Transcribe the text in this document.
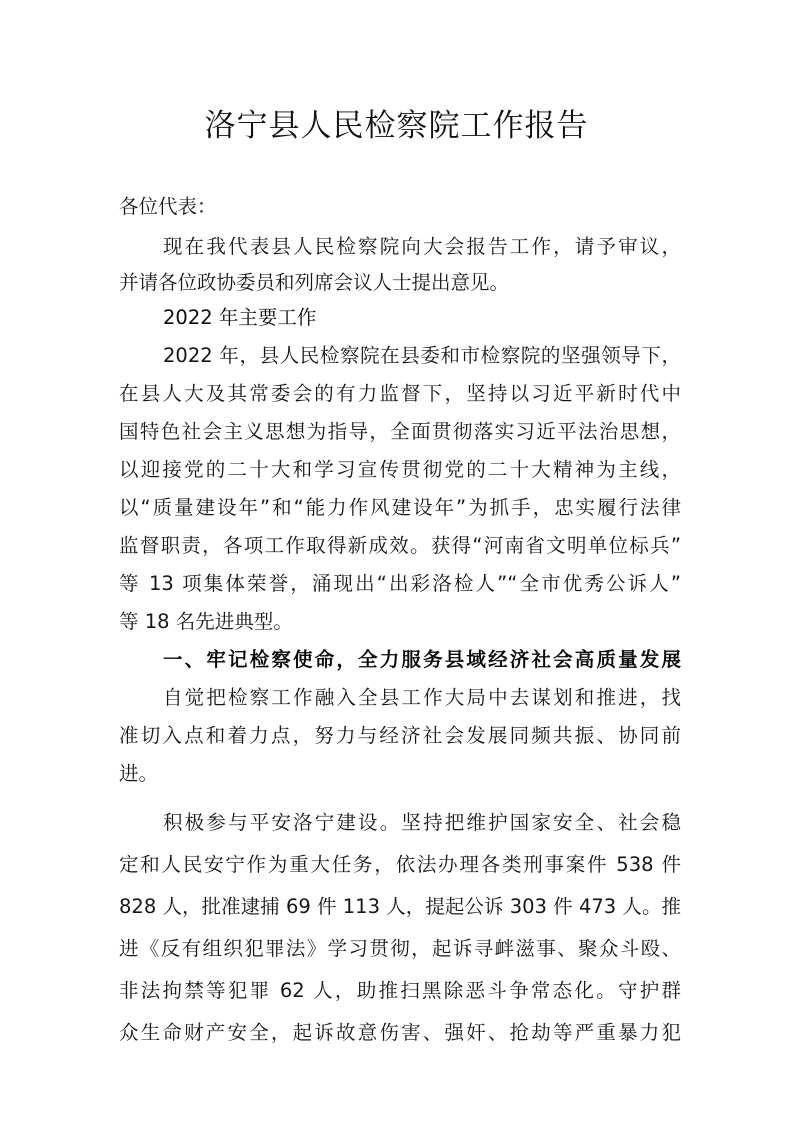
洛宁县人民检察院工作报告
各位代表：
现在我代表县人民检察院向大会报告工作，请予审议，
并请各位政协委员和列席会议人士提出意见。
2022 年主要工作
2022 年，县人民检察院在县委和市检察院的坚强领导下，
在县人大及其常委会的有力监督下，坚持以习近平新时代中
国特色社会主义思想为指导，全面贯彻落实习近平法治思想，
以迎接党的二十大和学习宣传贯彻党的二十大精神为主线，
以“质量建设年”和“能力作风建设年”为抓手，忠实履行法律
监督职责，各项工作取得新成效。获得“河南省文明单位标兵”
等 13 项集体荣誉，涌现出“出彩洛检人”“全市优秀公诉人”
等 18 名先进典型。
一、牢记检察使命，全力服务县域经济社会高质量发展
自觉把检察工作融入全县工作大局中去谋划和推进，找
准切入点和着力点，努力与经济社会发展同频共振、协同前
进。
积极参与平安洛宁建设。坚持把维护国家安全、社会稳
定和人民安宁作为重大任务，依法办理各类刑事案件 538 件
828 人，批准逮捕 69 件 113 人，提起公诉 303 件 473 人。推
进《反有组织犯罪法》学习贯彻，起诉寻衅滋事、聚众斗殴、
非法拘禁等犯罪 62 人，助推扫黑除恶斗争常态化。守护群
众生命财产安全，起诉故意伤害、强奸、抢劫等严重暴力犯
